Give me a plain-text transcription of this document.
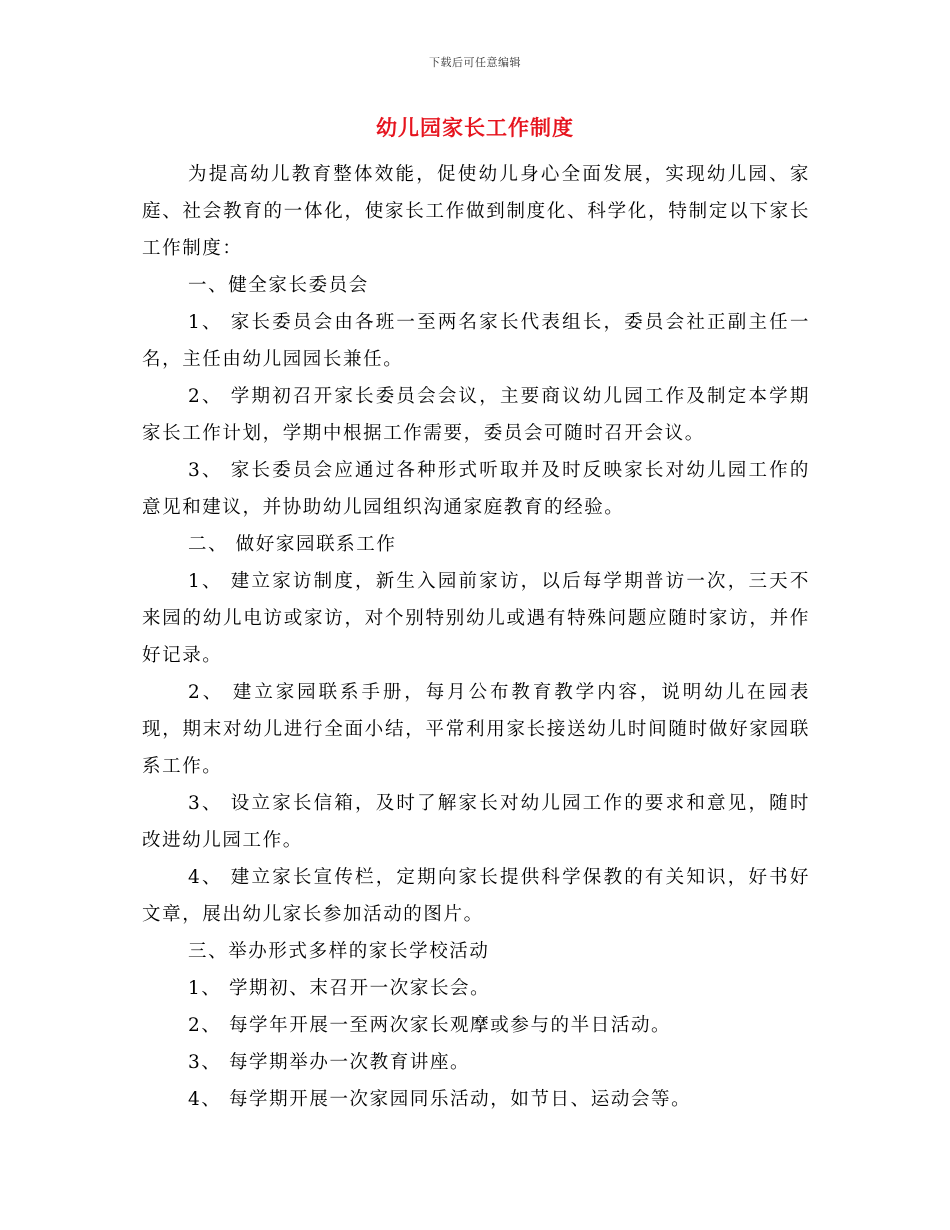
下载后可任意编辑
幼儿园家长工作制度

为提高幼儿教育整体效能，促使幼儿身心全面发展，实现幼儿园、家庭、社会教育的一体化，使家长工作做到制度化、科学化，特制定以下家长工作制度：

一、健全家长委员会

1、 家长委员会由各班一至两名家长代表组长，委员会社正副主任一名，主任由幼儿园园长兼任。

2、 学期初召开家长委员会会议，主要商议幼儿园工作及制定本学期家长工作计划，学期中根据工作需要，委员会可随时召开会议。

3、 家长委员会应通过各种形式听取并及时反映家长对幼儿园工作的意见和建议，并协助幼儿园组织沟通家庭教育的经验。

二、 做好家园联系工作

1、 建立家访制度，新生入园前家访，以后每学期普访一次，三天不来园的幼儿电访或家访，对个别特别幼儿或遇有特殊问题应随时家访，并作好记录。

2、 建立家园联系手册，每月公布教育教学内容，说明幼儿在园表现，期末对幼儿进行全面小结，平常利用家长接送幼儿时间随时做好家园联系工作。

3、 设立家长信箱，及时了解家长对幼儿园工作的要求和意见，随时改进幼儿园工作。

4、 建立家长宣传栏，定期向家长提供科学保教的有关知识，好书好文章，展出幼儿家长参加活动的图片。

三、举办形式多样的家长学校活动

1、 学期初、末召开一次家长会。

2、 每学年开展一至两次家长观摩或参与的半日活动。

3、 每学期举办一次教育讲座。

4、 每学期开展一次家园同乐活动，如节日、运动会等。
